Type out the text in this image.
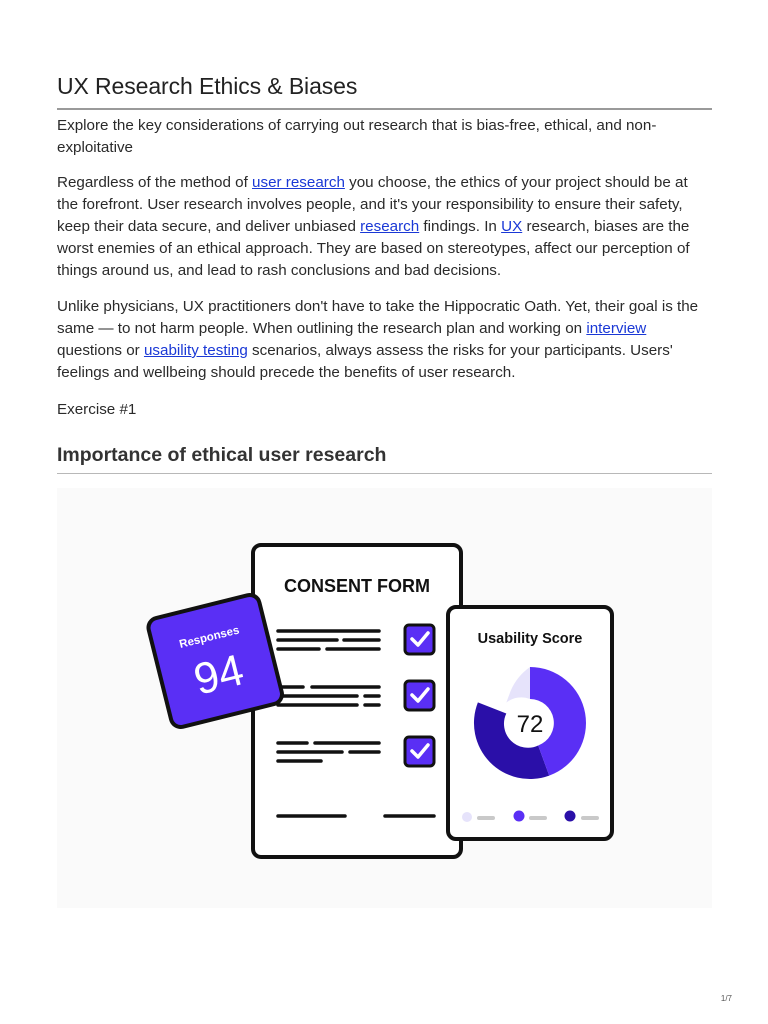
UX Research Ethics & Biases

Explore the key considerations of carrying out research that is bias-free, ethical, and non-exploitative

Regardless of the method of user research you choose, the ethics of your project should be at the forefront. User research involves people, and it's your responsibility to ensure their safety, keep their data secure, and deliver unbiased research findings. In UX research, biases are the worst enemies of an ethical approach. They are based on stereotypes, affect our perception of things around us, and lead to rash conclusions and bad decisions.

Unlike physicians, UX practitioners don't have to take the Hippocratic Oath. Yet, their goal is the same — to not harm people. When outlining the research plan and working on interview questions or usability testing scenarios, always assess the risks for your participants. Users' feelings and wellbeing should precede the benefits of user research.

Exercise #1

Importance of ethical user research
CONSENT FORM
Responses
94
Usability Score
72
1/7
